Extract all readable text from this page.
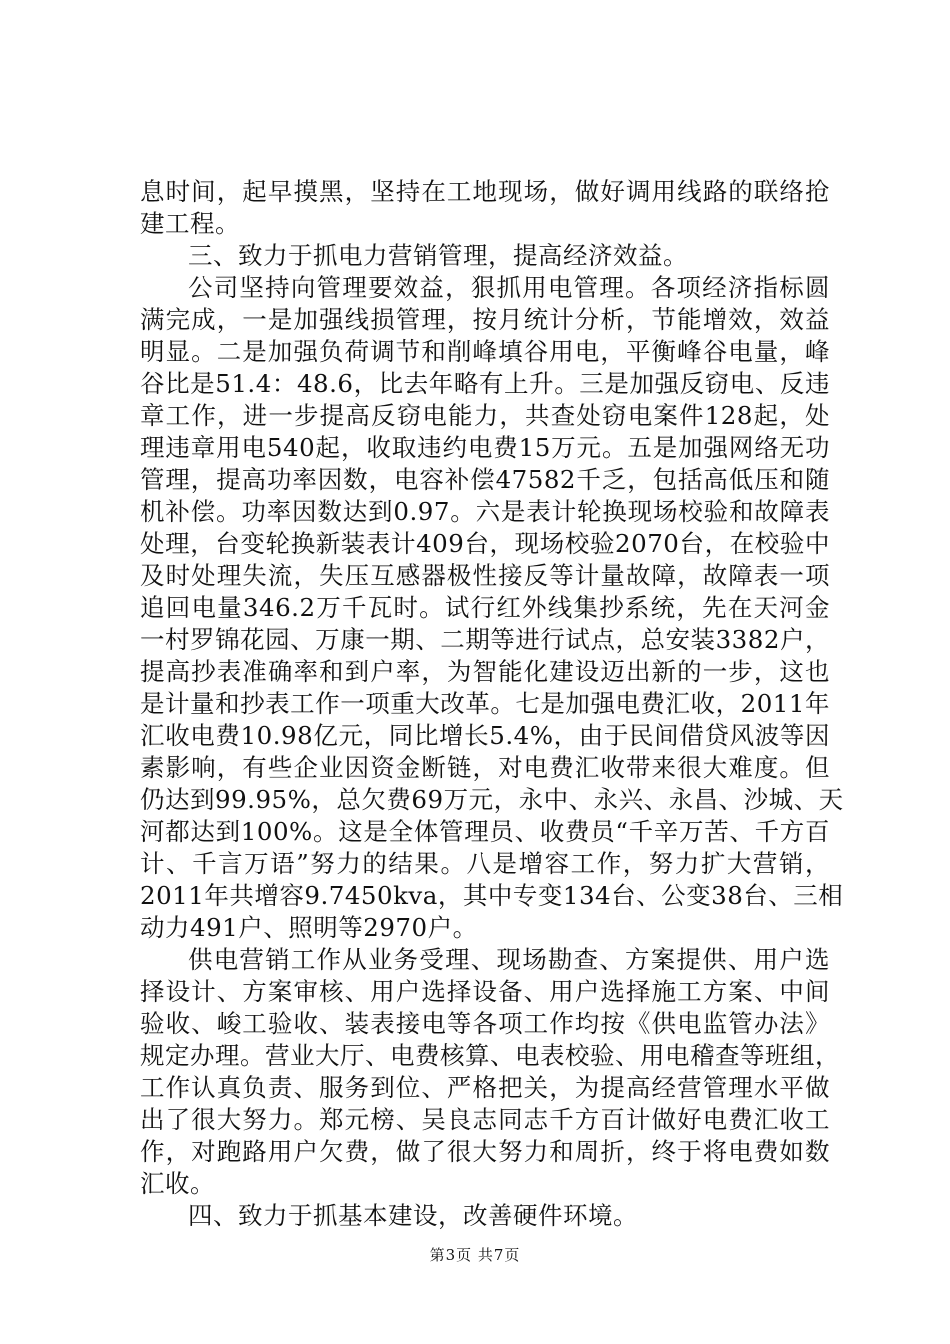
息时间，起早摸黑，坚持在工地现场，做好调用线路的联络抢
建工程。
三、致力于抓电力营销管理，提高经济效益。
公司坚持向管理要效益，狠抓用电管理。各项经济指标圆
满完成，一是加强线损管理，按月统计分析，节能增效，效益
明显。二是加强负荷调节和削峰填谷用电，平衡峰谷电量，峰
谷比是51.4：48.6，比去年略有上升。三是加强反窃电、反违
章工作，进一步提高反窃电能力，共查处窃电案件128起，处
理违章用电540起，收取违约电费15万元。五是加强网络无功
管理，提高功率因数，电容补偿47582千乏，包括高低压和随
机补偿。功率因数达到0.97。六是表计轮换现场校验和故障表
处理，台变轮换新装表计409台，现场校验2070台，在校验中
及时处理失流，失压互感器极性接反等计量故障，故障表一项
追回电量346.2万千瓦时。试行红外线集抄系统，先在天河金
一村罗锦花园、万康一期、二期等进行试点，总安装3382户，
提高抄表准确率和到户率，为智能化建设迈出新的一步，这也
是计量和抄表工作一项重大改革。七是加强电费汇收，2011年
汇收电费10.98亿元，同比增长5.4%，由于民间借贷风波等因
素影响，有些企业因资金断链，对电费汇收带来很大难度。但
仍达到99.95%，总欠费69万元，永中、永兴、永昌、沙城、天
河都达到100%。这是全体管理员、收费员“千辛万苦、千方百
计、千言万语”努力的结果。八是增容工作，努力扩大营销，
2011年共增容9.7450kva，其中专变134台、公变38台、三相
动力491户、照明等2970户。
供电营销工作从业务受理、现场勘查、方案提供、用户选
择设计、方案审核、用户选择设备、用户选择施工方案、中间
验收、峻工验收、装表接电等各项工作均按《供电监管办法》
规定办理。营业大厅、电费核算、电表校验、用电稽查等班组，
工作认真负责、服务到位、严格把关，为提高经营管理水平做
出了很大努力。郑元榜、吴良志同志千方百计做好电费汇收工
作，对跑路用户欠费，做了很大努力和周折，终于将电费如数
汇收。
四、致力于抓基本建设，改善硬件环境。
第3页 共7页
